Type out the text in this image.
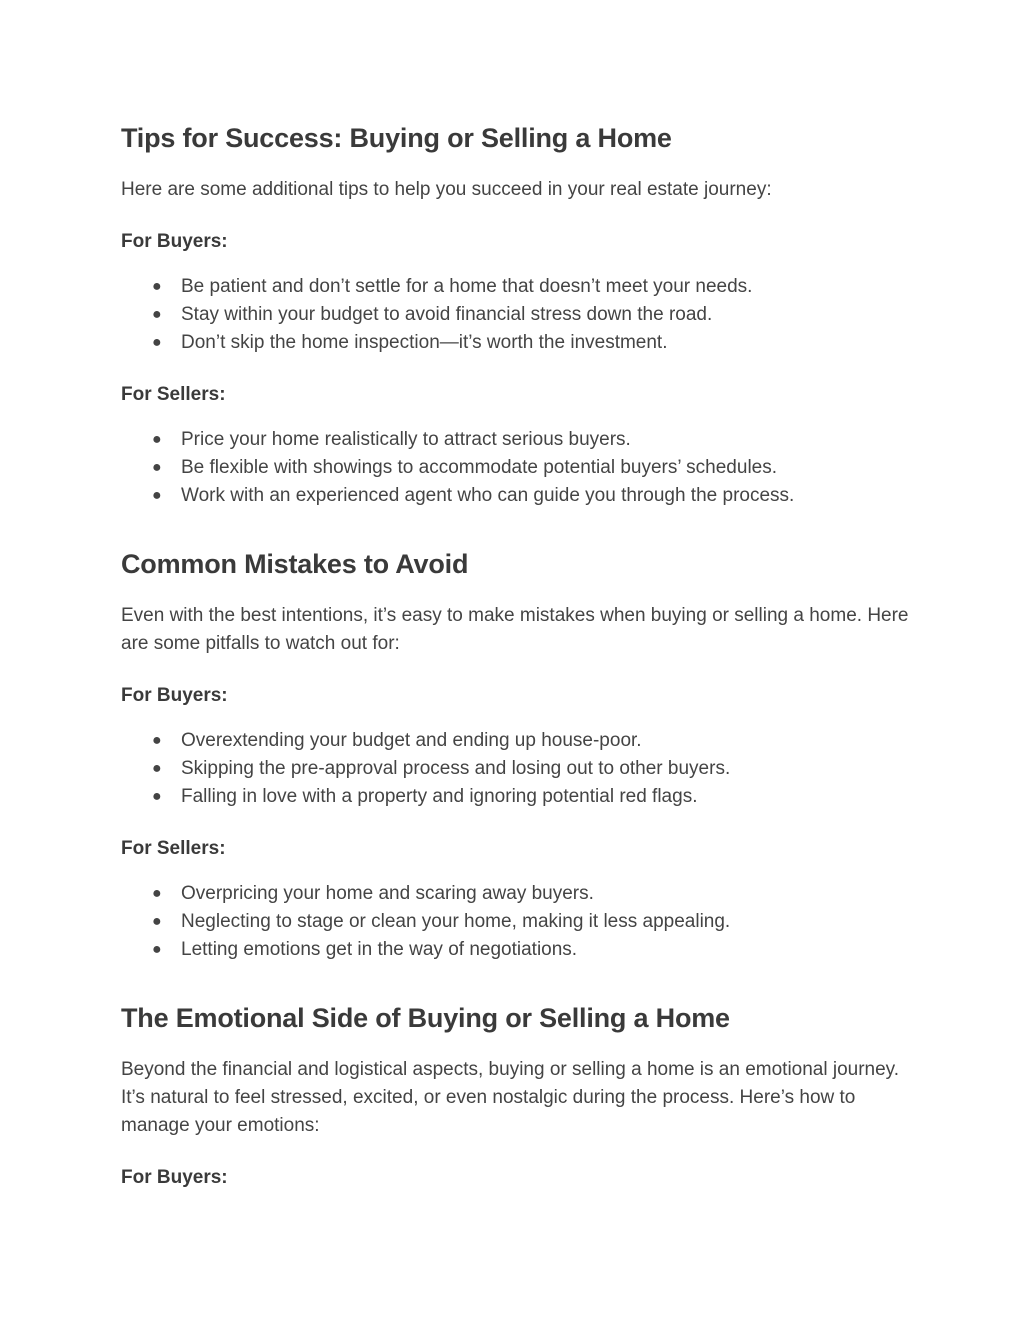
Tips for Success: Buying or Selling a Home

Here are some additional tips to help you succeed in your real estate journey:

For Buyers:
● Be patient and don’t settle for a home that doesn’t meet your needs.
● Stay within your budget to avoid financial stress down the road.
● Don’t skip the home inspection—it’s worth the investment.
For Sellers:
● Price your home realistically to attract serious buyers.
● Be flexible with showings to accommodate potential buyers’ schedules.
● Work with an experienced agent who can guide you through the process.
Common Mistakes to Avoid

Even with the best intentions, it’s easy to make mistakes when buying or selling a home. Here are some pitfalls to watch out for:

For Buyers:
● Overextending your budget and ending up house-poor.
● Skipping the pre-approval process and losing out to other buyers.
● Falling in love with a property and ignoring potential red flags.
For Sellers:
● Overpricing your home and scaring away buyers.
● Neglecting to stage or clean your home, making it less appealing.
● Letting emotions get in the way of negotiations.
The Emotional Side of Buying or Selling a Home

Beyond the financial and logistical aspects, buying or selling a home is an emotional journey. It’s natural to feel stressed, excited, or even nostalgic during the process. Here’s how to manage your emotions:

For Buyers:
